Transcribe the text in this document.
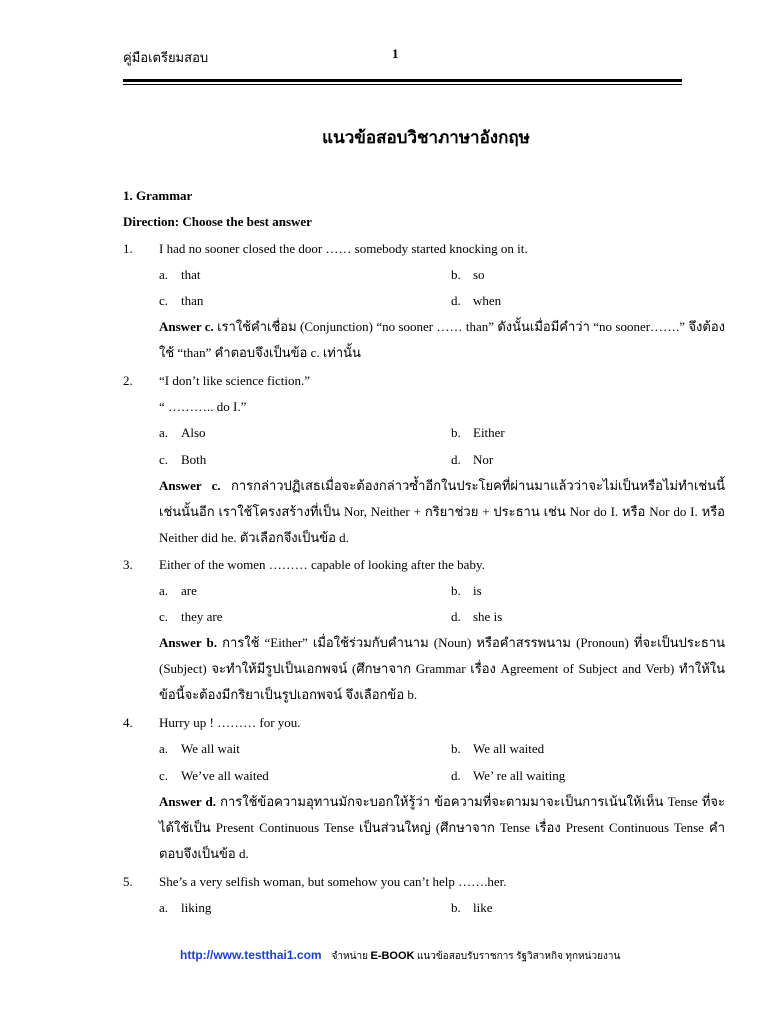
คู่มือเตรียมสอบ	1
แนวข้อสอบวิชาภาษาอังกฤษ
1. Grammar
Direction: Choose the best answer
1. I had no sooner closed the door …… somebody started knocking on it.
a. that	b. so
c. than	d. when
Answer c. เราใช้คำเชื่อม (Conjunction) “no sooner …… than” ดังนั้นเมื่อมีคำว่า “no sooner…….” จึงต้องใช้ “than” คำตอบจึงเป็นข้อ c. เท่านั้น
2. “I don’t like science fiction.”
“ ……….. do I.”
a. Also	b. Either
c. Both	d. Nor
Answer c. การกล่าวปฏิเสธเมื่อจะต้องกล่าวซ้ำอีกในประโยคที่ผ่านมาแล้วว่าจะไม่เป็นหรือไม่ทำเช่นนี้เช่นนั้นอีก เราใช้โครงสร้างที่เป็น Nor, Neither + กริยาช่วย + ประธาน เช่น Nor do I. หรือ Nor do I. หรือ Neither did he. ตัวเลือกจึงเป็นข้อ d.
3. Either of the women ……… capable of looking after the baby.
a. are	b. is
c. they are	d. she is
Answer b. การใช้ “Either” เมื่อใช้ร่วมกับคำนาม (Noun) หรือคำสรรพนาม (Pronoun) ที่จะเป็นประธาน (Subject) จะทำให้มีรูปเป็นเอกพจน์ (ศึกษาจาก Grammar เรื่อง Agreement of Subject and Verb) ทำให้ในข้อนี้จะต้องมีกริยาเป็นรูปเอกพจน์ จึงเลือกข้อ b.
4. Hurry up ! ……… for you.
a. We all wait	b. We all waited
c. We’ve all waited	d. We’ re all waiting
Answer d. การใช้ข้อความอุทานมักจะบอกให้รู้ว่า ข้อความที่จะตามมาจะเป็นการเน้นให้เห็น Tense ที่จะได้ใช้เป็น Present Continuous Tense เป็นส่วนใหญ่ (ศึกษาจาก Tense เรื่อง Present Continuous Tense คำตอบจึงเป็นข้อ d.
5. She’s a very selfish woman, but somehow you can’t help …….her.
a. liking	b. like
http://www.testthai1.com จำหน่าย E-BOOK แนวข้อสอบรับราชการ รัฐวิสาหกิจ ทุกหน่วยงาน
